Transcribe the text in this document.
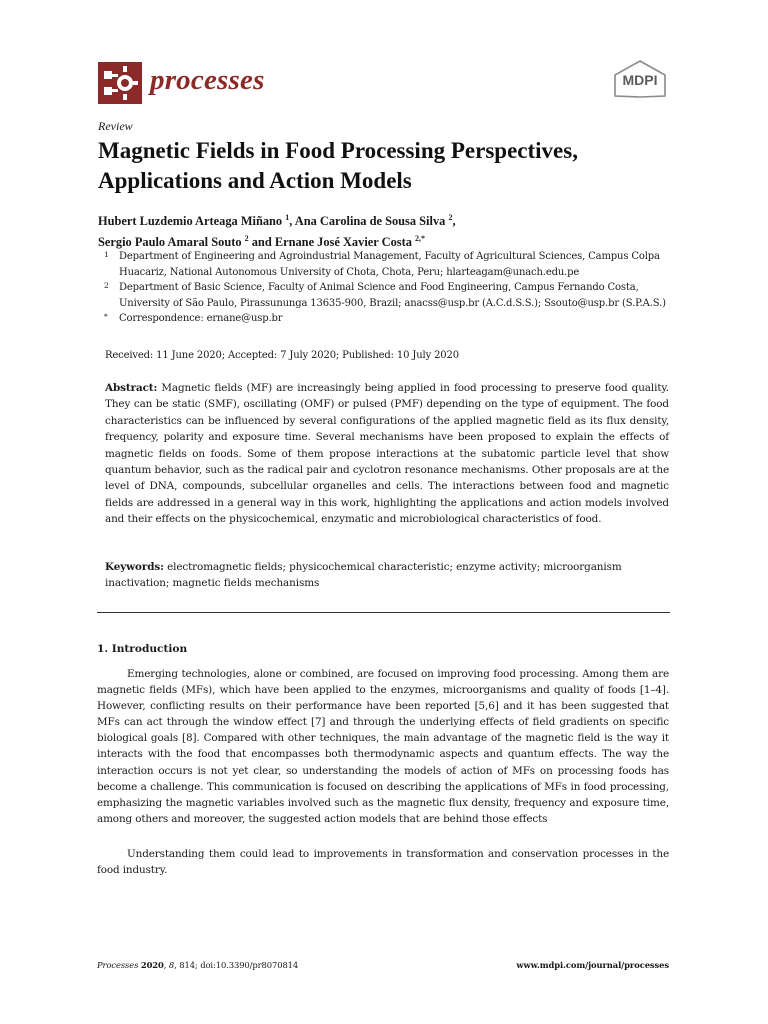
processes	MDPI
Review
Magnetic Fields in Food Processing Perspectives, Applications and Action Models
Hubert Luzdemio Arteaga Miñano $^1$, Ana Carolina de Sousa Silva $^2$,
Sergio Paulo Amaral Souto $^2$ and Ernane José Xavier Costa $^{2,*}$
1 Department of Engineering and Agroindustrial Management, Faculty of Agricultural Sciences, Campus Colpa Huacariz, National Autonomous University of Chota, Chota, Peru; hlarteagam@unach.edu.pe
2 Department of Basic Science, Faculty of Animal Science and Food Engineering, Campus Fernando Costa, University of São Paulo, Pirassununga 13635-900, Brazil; anacss@usp.br (A.C.d.S.S.); Ssouto@usp.br (S.P.A.S.)
* Correspondence: ernane@usp.br
Received: 11 June 2020; Accepted: 7 July 2020; Published: 10 July 2020

Abstract: Magnetic fields (MF) are increasingly being applied in food processing to preserve food quality. They can be static (SMF), oscillating (OMF) or pulsed (PMF) depending on the type of equipment. The food characteristics can be influenced by several configurations of the applied magnetic field as its flux density, frequency, polarity and exposure time. Several mechanisms have been proposed to explain the effects of magnetic fields on foods. Some of them propose interactions at the subatomic particle level that show quantum behavior, such as the radical pair and cyclotron resonance mechanisms. Other proposals are at the level of DNA, compounds, subcellular organelles and cells. The interactions between food and magnetic fields are addressed in a general way in this work, highlighting the applications and action models involved and their effects on the physicochemical, enzymatic and microbiological characteristics of food.

Keywords: electromagnetic fields; physicochemical characteristic; enzyme activity; microorganism inactivation; magnetic fields mechanisms

1. Introduction

Emerging technologies, alone or combined, are focused on improving food processing. Among them are magnetic fields (MFs), which have been applied to the enzymes, microorganisms and quality of foods [1–4]. However, conflicting results on their performance have been reported [5,6] and it has been suggested that MFs can act through the window effect [7] and through the underlying effects of field gradients on specific biological goals [8]. Compared with other techniques, the main advantage of the magnetic field is the way it interacts with the food that encompasses both thermodynamic aspects and quantum effects. The way the interaction occurs is not yet clear, so understanding the models of action of MFs on processing foods has become a challenge. This communication is focused on describing the applications of MFs in food processing, emphasizing the magnetic variables involved such as the magnetic flux density, frequency and exposure time, among others and moreover, the suggested action models that are behind those effects

Understanding them could lead to improvements in transformation and conservation processes in the food industry.

Processes 2020, 8, 814; doi:10.3390/pr8070814	www.mdpi.com/journal/processes
